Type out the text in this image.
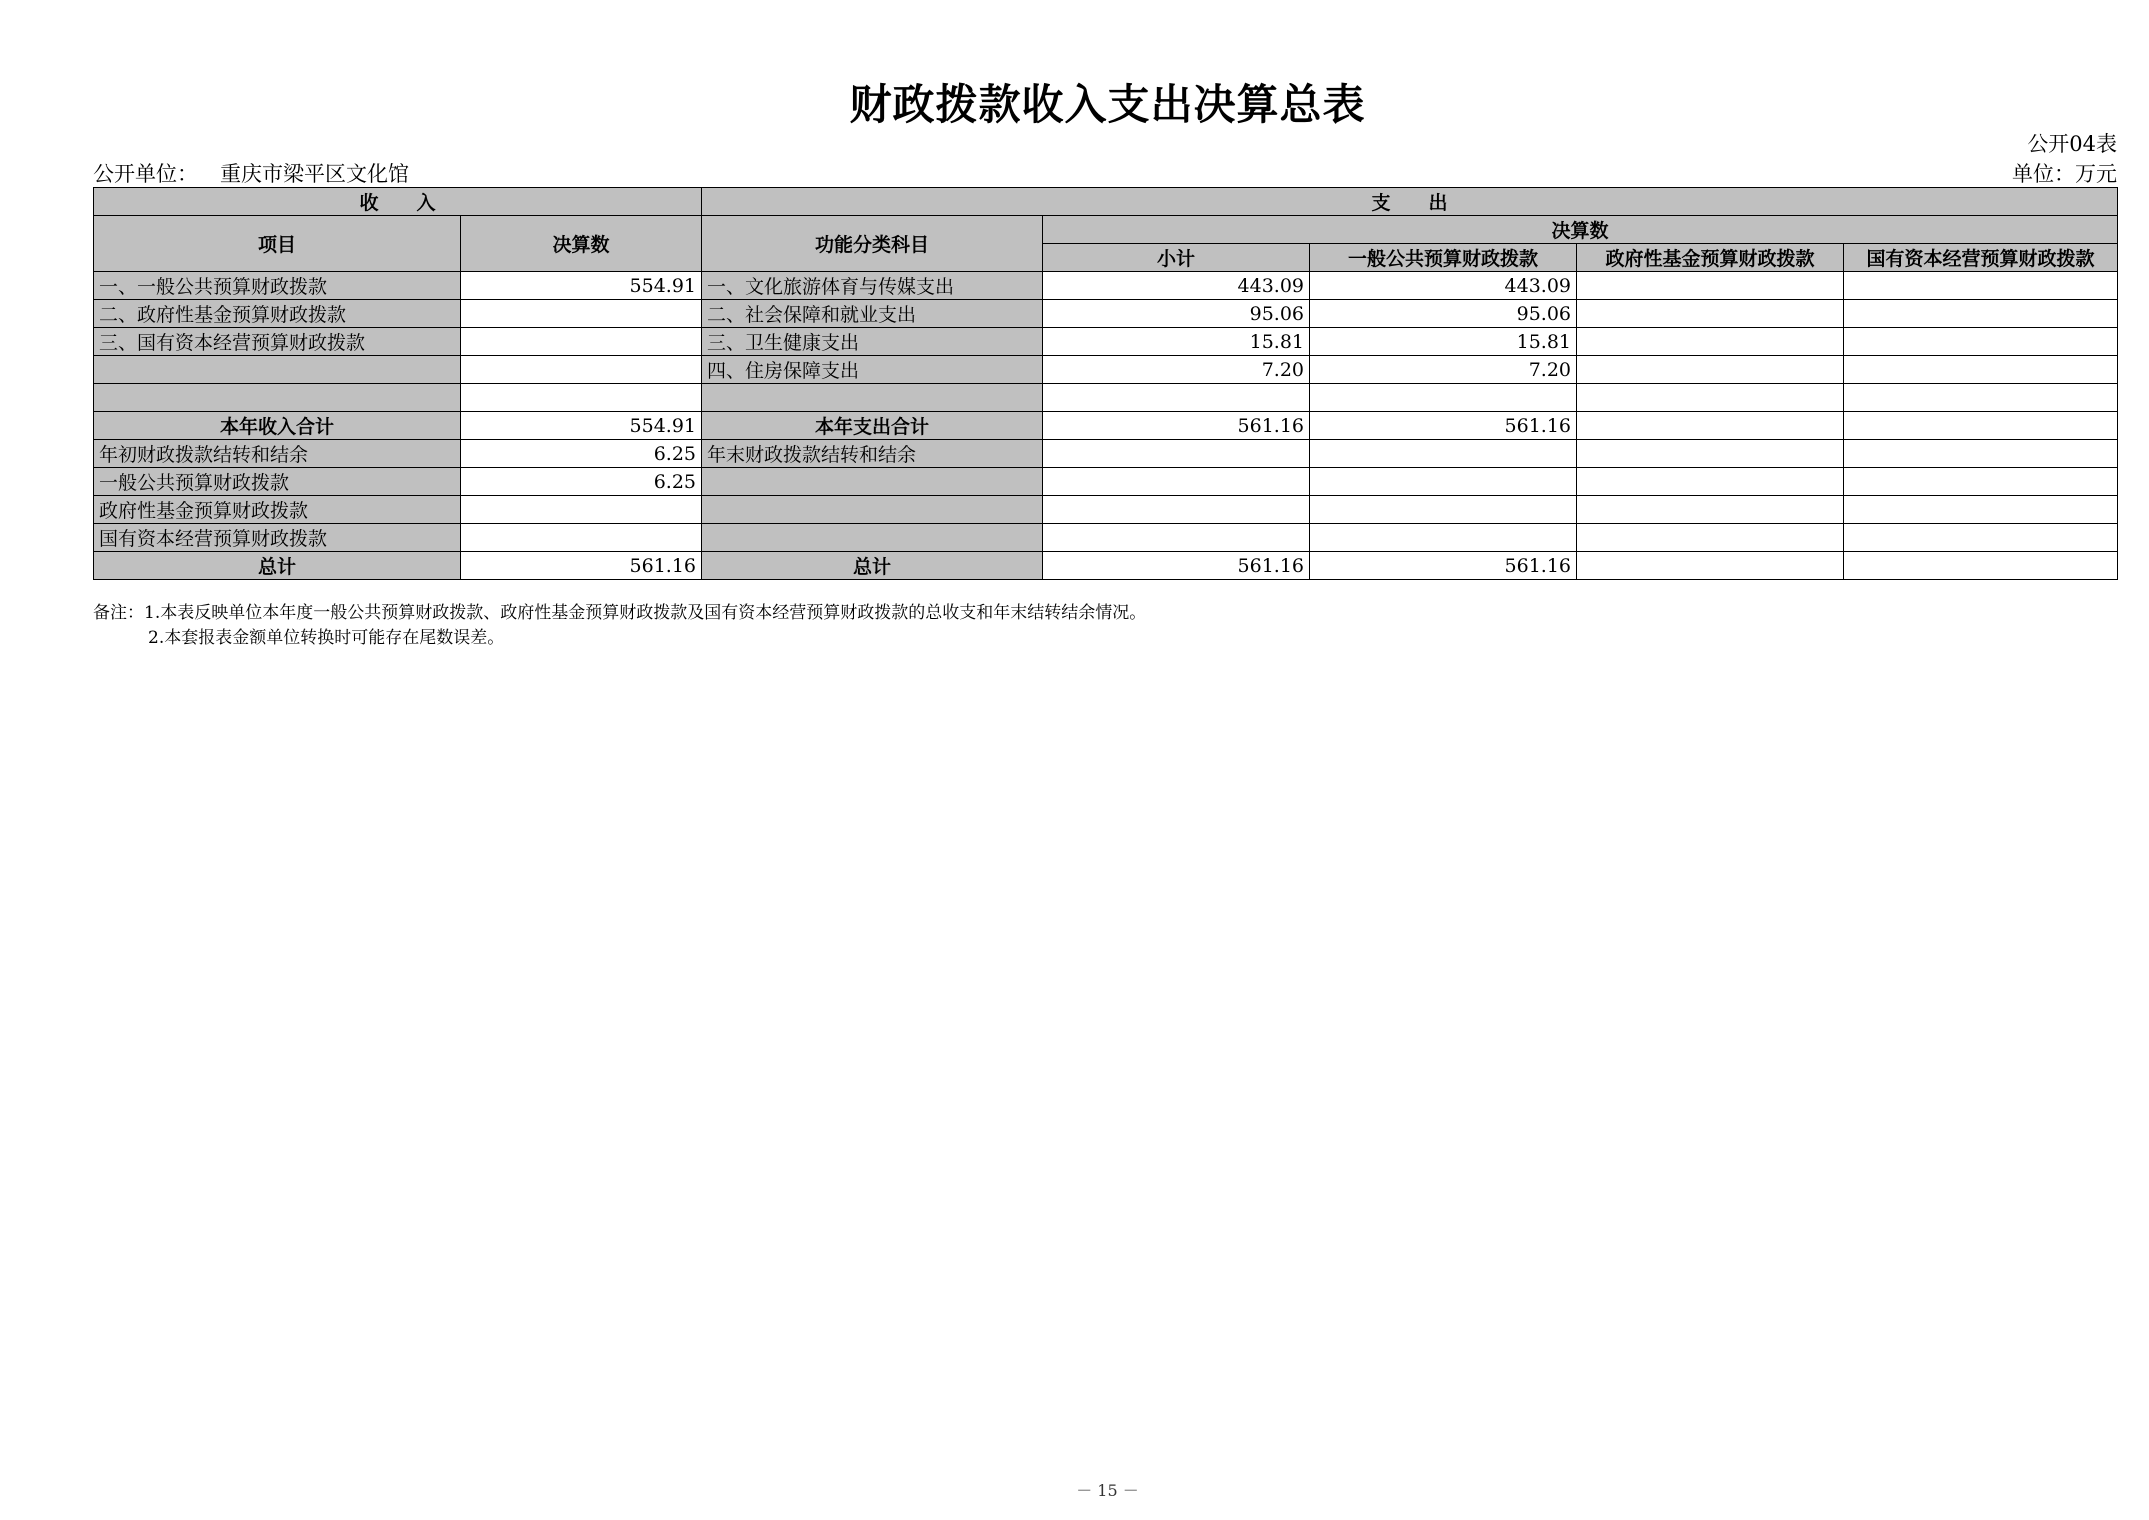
财政拨款收入支出决算总表
公开04表
公开单位： 重庆市梁平区文化馆	单位：万元
收　　入		支　　出				
项目	决算数	功能分类科目	决算数			
			小计	一般公共预算财政拨款	政府性基金预算财政拨款	国有资本经营预算财政拨款
一、一般公共预算财政拨款	554.91	一、文化旅游体育与传媒支出	443.09	443.09		
二、政府性基金预算财政拨款		二、社会保障和就业支出	95.06	95.06		
三、国有资本经营预算财政拨款		三、卫生健康支出	15.81	15.81		
		四、住房保障支出	7.20	7.20		

本年收入合计	554.91	本年支出合计	561.16	561.16		
年初财政拨款结转和结余	6.25	年末财政拨款结转和结余				
一般公共预算财政拨款	6.25					
政府性基金预算财政拨款						
国有资本经营预算财政拨款						
总计	561.16	总计	561.16	561.16		
备注：1.本表反映单位本年度一般公共预算财政拨款、政府性基金预算财政拨款及国有资本经营预算财政拨款的总收支和年末结转结余情况。
2.本套报表金额单位转换时可能存在尾数误差。
－ 15 －
